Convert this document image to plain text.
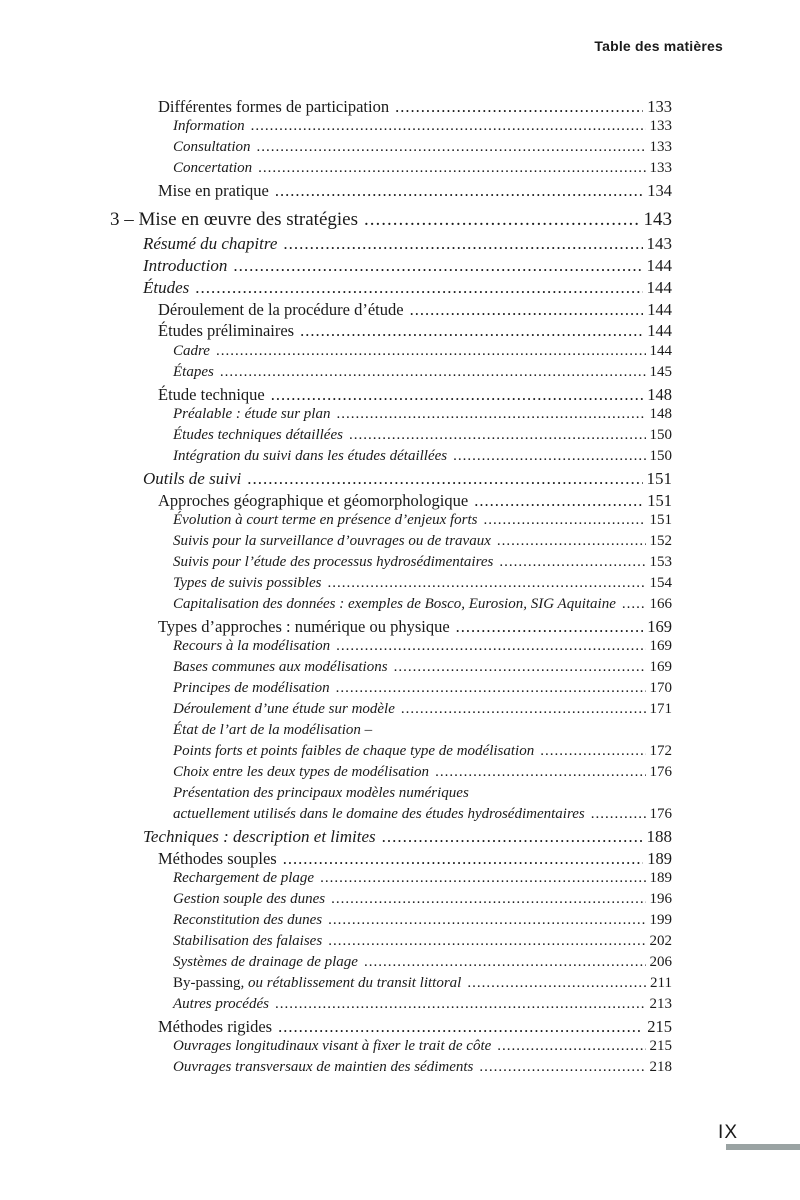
Table des matières
Différentes formes de participation .....	133
Information .....	133
Consultation .....	133
Concertation .....	133
Mise en pratique .....	134
3 – Mise en œuvre des stratégies .....	143
Résumé du chapitre .....	143
Introduction .....	144
Études .....	144
Déroulement de la procédure d’étude .....	144
Études préliminaires .....	144
Cadre .....	144
Étapes .....	145
Étude technique .....	148
Préalable : étude sur plan .....	148
Études techniques détaillées .....	150
Intégration du suivi dans les études détaillées .....	150
Outils de suivi .....	151
Approches géographique et géomorphologique .....	151
Évolution à court terme en présence d’enjeux forts .....	151
Suivis pour la surveillance d’ouvrages ou de travaux .....	152
Suivis pour l’étude des processus hydrosédimentaires .....	153
Types de suivis possibles .....	154
Capitalisation des données : exemples de Bosco, Eurosion, SIG Aquitaine ..... 166
Types d’approches : numérique ou physique .....	169
Recours à la modélisation .....	169
Bases communes aux modélisations .....	169
Principes de modélisation .....	170
Déroulement d’une étude sur modèle .....	171
État de l’art de la modélisation –
Points forts et points faibles de chaque type de modélisation .....	172
Choix entre les deux types de modélisation .....	176
Présentation des principaux modèles numériques
actuellement utilisés dans le domaine des études hydrosédimentaires .....	176
Techniques : description et limites .....	188
Méthodes souples .....	189
Rechargement de plage .....	189
Gestion souple des dunes .....	196
Reconstitution des dunes .....	199
Stabilisation des falaises .....	202
Systèmes de drainage de plage .....	206
By-passing, ou rétablissement du transit littoral .....	211
Autres procédés .....	213
Méthodes rigides .....	215
Ouvrages longitudinaux visant à fixer le trait de côte .....	215
Ouvrages transversaux de maintien des sédiments .....	218
IX
